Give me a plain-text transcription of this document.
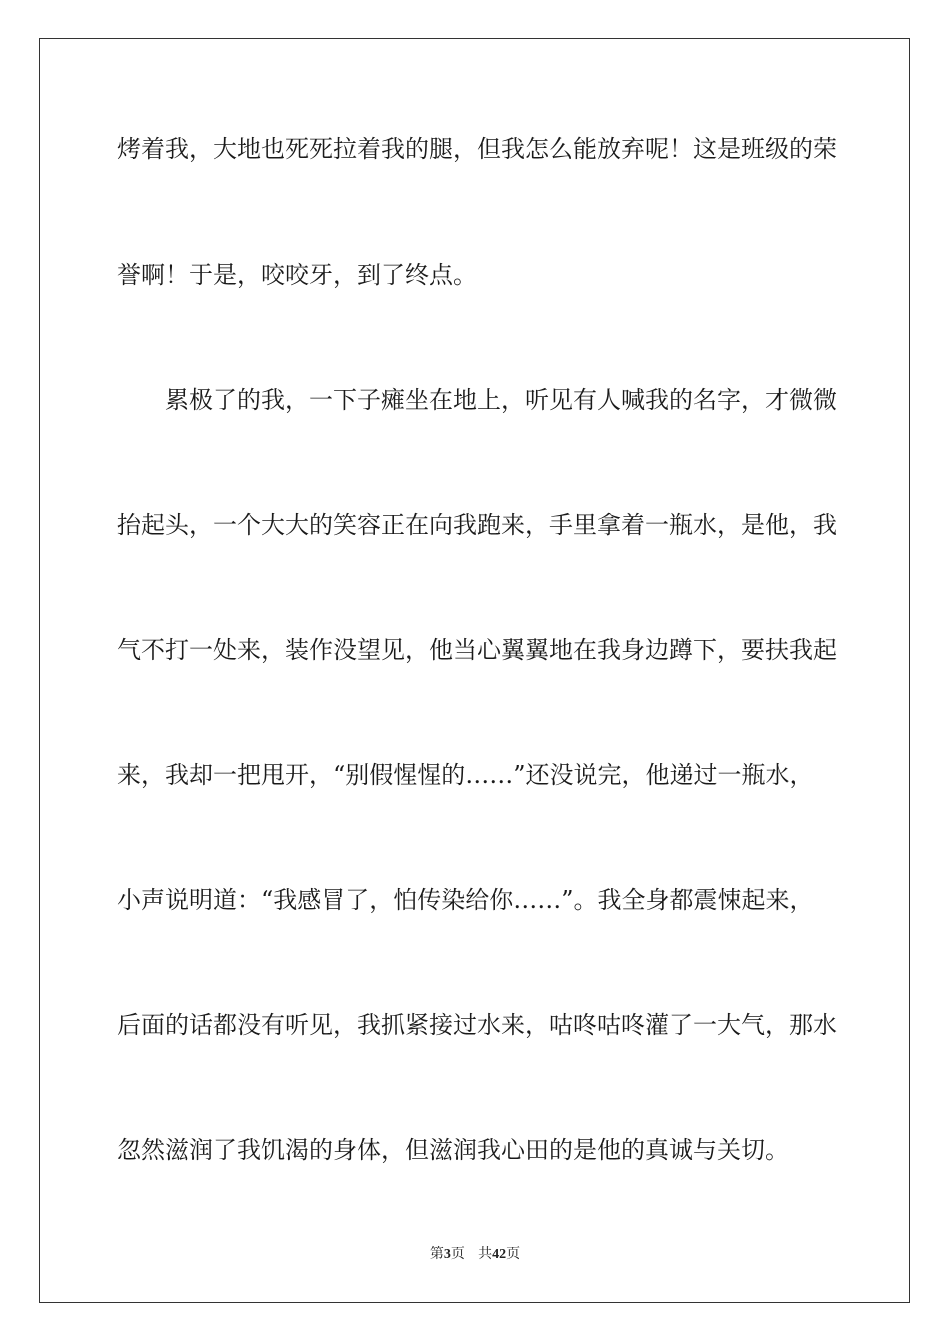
烤着我，大地也死死拉着我的腿，但我怎么能放弃呢！这是班级的荣
誉啊！于是，咬咬牙，到了终点。
累极了的我，一下子瘫坐在地上，听见有人喊我的名字，才微微
抬起头，一个大大的笑容正在向我跑来，手里拿着一瓶水，是他，我
气不打一处来，装作没望见，他当心翼翼地在我身边蹲下，要扶我起
来，我却一把甩开，“别假惺惺的……”还没说完，他递过一瓶水，
小声说明道：“我感冒了，怕传染给你……”。我全身都震悚起来，
后面的话都没有听见，我抓紧接过水来，咕咚咕咚灌了一大气，那水
忽然滋润了我饥渴的身体，但滋润我心田的是他的真诚与关切。
第3页 共42页
